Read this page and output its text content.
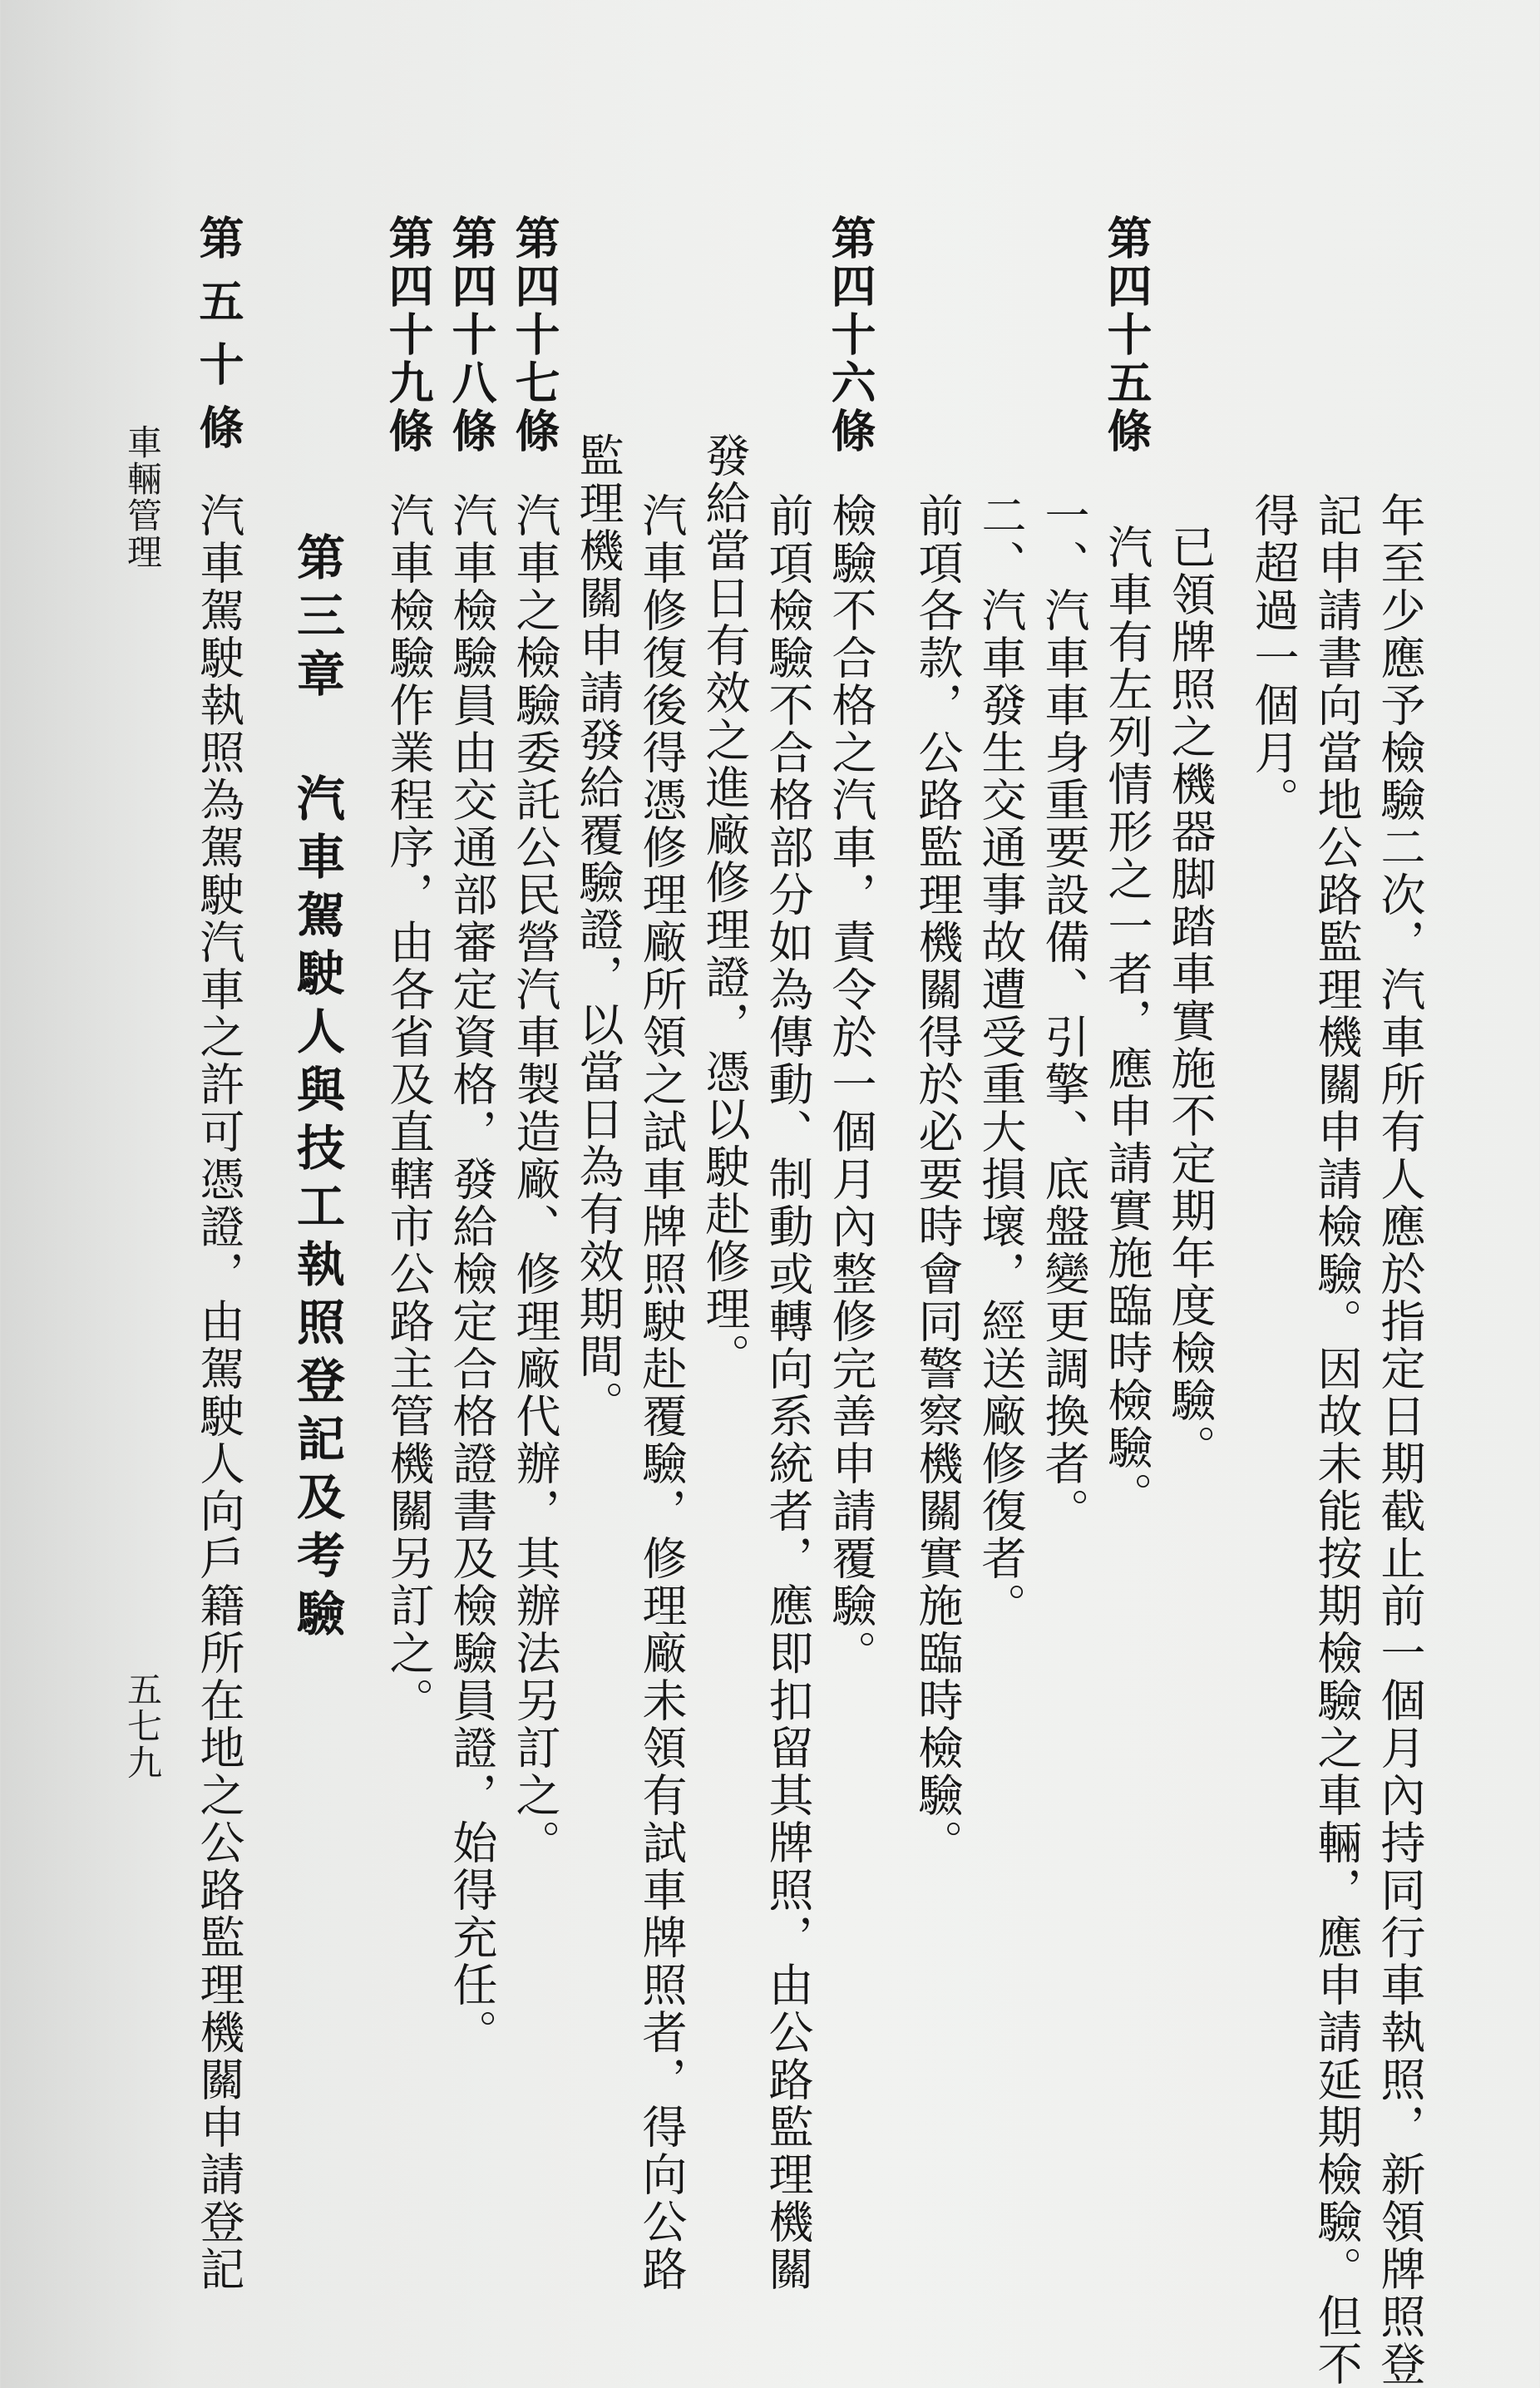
年至少應予檢驗二次，汽車所有人應於指定日期截止前一個月內持同行車執照，新領牌照登

記申請書向當地公路監理機關申請檢驗。因故未能按期檢驗之車輛，應申請延期檢驗。但不

得超過一個月。

第四十五條

已領牌照之機器脚踏車實施不定期年度檢驗。

汽車有左列情形之一者，應申請實施臨時檢驗。

一、汽車車身重要設備、引擎、底盤變更調換者。

二、汽車發生交通事故遭受重大損壞，經送廠修復者。

前項各款，公路監理機關得於必要時會同警察機關實施臨時檢驗。

第四十六條

檢驗不合格之汽車，責令於一個月內整修完善申請覆驗。

前項檢驗不合格部分如為傳動、制動或轉向系統者，應即扣留其牌照，由公路監理機關

發給當日有效之進廠修理證，憑以駛赴修理。

汽車修復後得憑修理廠所領之試車牌照駛赴覆驗，修理廠未領有試車牌照者，得向公路

監理機關申請發給覆驗證，以當日為有效期間。

第四十七條

汽車之檢驗委託公民營汽車製造廠、修理廠代辦，其辦法另訂之。

第四十八條

汽車檢驗員由交通部審定資格，發給檢定合格證書及檢驗員證，始得充任。

第四十九條

汽車檢驗作業程序，由各省及直轄市公路主管機關另訂之。

第三章

汽車駕駛人與技工執照登記及考驗

第五十條

汽車駕駛執照為駕駛汽車之許可憑證，由駕駛人向戶籍所在地之公路監理機關申請登記

車輛管理

五七九
